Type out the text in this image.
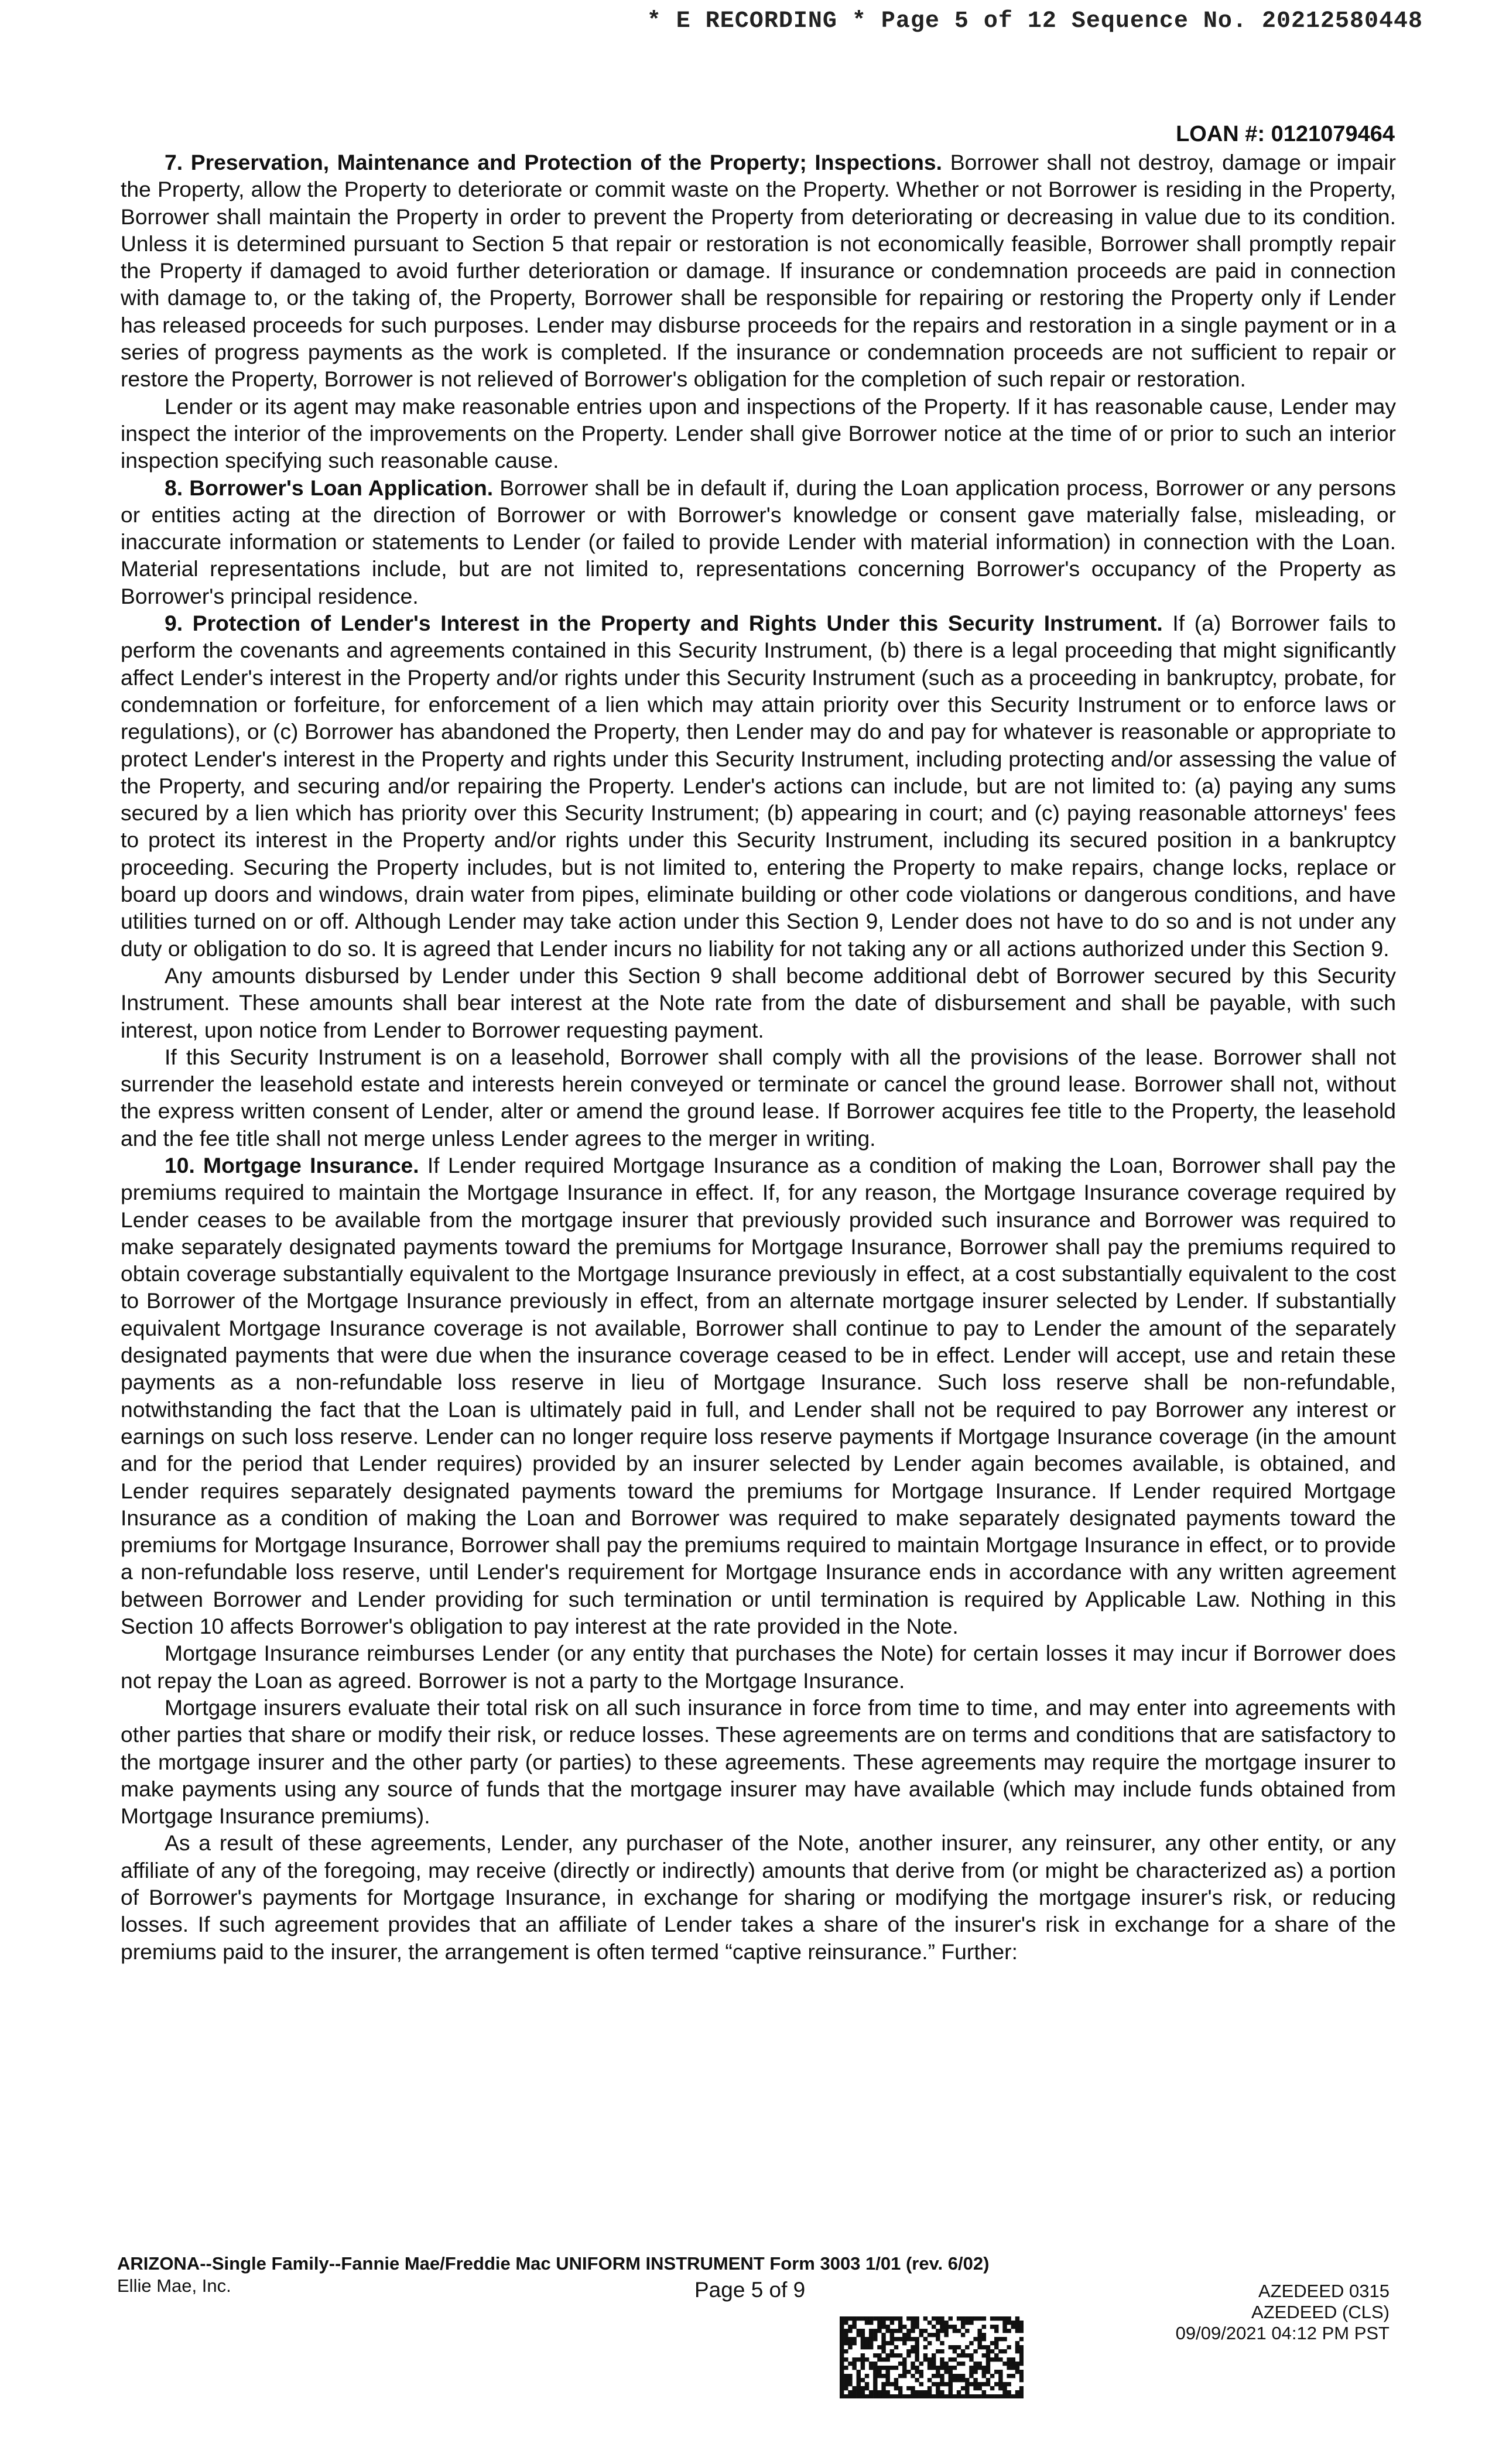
* E RECORDING * Page 5 of 12 Sequence No. 20212580448
LOAN #: 0121079464

7. Preservation, Maintenance and Protection of the Property; Inspections. Borrower shall not destroy, damage or impair the Property, allow the Property to deteriorate or commit waste on the Property. Whether or not Borrower is residing in the Property, Borrower shall maintain the Property in order to prevent the Property from deteriorating or decreasing in value due to its condition. Unless it is determined pursuant to Section 5 that repair or restoration is not economically feasible, Borrower shall promptly repair the Property if damaged to avoid further deterioration or damage. If insurance or condemnation proceeds are paid in connection with damage to, or the taking of, the Property, Borrower shall be responsible for repairing or restoring the Property only if Lender has released proceeds for such purposes. Lender may disburse proceeds for the repairs and restoration in a single payment or in a series of progress payments as the work is completed. If the insurance or condemnation proceeds are not sufficient to repair or restore the Property, Borrower is not relieved of Borrower's obligation for the completion of such repair or restoration.

Lender or its agent may make reasonable entries upon and inspections of the Property. If it has reasonable cause, Lender may inspect the interior of the improvements on the Property. Lender shall give Borrower notice at the time of or prior to such an interior inspection specifying such reasonable cause.

8. Borrower's Loan Application. Borrower shall be in default if, during the Loan application process, Borrower or any persons or entities acting at the direction of Borrower or with Borrower's knowledge or consent gave materially false, misleading, or inaccurate information or statements to Lender (or failed to provide Lender with material information) in connection with the Loan. Material representations include, but are not limited to, representations concerning Borrower's occupancy of the Property as Borrower's principal residence.

9. Protection of Lender's Interest in the Property and Rights Under this Security Instrument. If (a) Borrower fails to perform the covenants and agreements contained in this Security Instrument, (b) there is a legal proceeding that might significantly affect Lender's interest in the Property and/or rights under this Security Instrument (such as a proceeding in bankruptcy, probate, for condemnation or forfeiture, for enforcement of a lien which may attain priority over this Security Instrument or to enforce laws or regulations), or (c) Borrower has abandoned the Property, then Lender may do and pay for whatever is reasonable or appropriate to protect Lender's interest in the Property and rights under this Security Instrument, including protecting and/or assessing the value of the Property, and securing and/or repairing the Property. Lender's actions can include, but are not limited to: (a) paying any sums secured by a lien which has priority over this Security Instrument; (b) appearing in court; and (c) paying reasonable attorneys' fees to protect its interest in the Property and/or rights under this Security Instrument, including its secured position in a bankruptcy proceeding. Securing the Property includes, but is not limited to, entering the Property to make repairs, change locks, replace or board up doors and windows, drain water from pipes, eliminate building or other code violations or dangerous conditions, and have utilities turned on or off. Although Lender may take action under this Section 9, Lender does not have to do so and is not under any duty or obligation to do so. It is agreed that Lender incurs no liability for not taking any or all actions authorized under this Section 9.

Any amounts disbursed by Lender under this Section 9 shall become additional debt of Borrower secured by this Security Instrument. These amounts shall bear interest at the Note rate from the date of disbursement and shall be payable, with such interest, upon notice from Lender to Borrower requesting payment.

If this Security Instrument is on a leasehold, Borrower shall comply with all the provisions of the lease. Borrower shall not surrender the leasehold estate and interests herein conveyed or terminate or cancel the ground lease. Borrower shall not, without the express written consent of Lender, alter or amend the ground lease. If Borrower acquires fee title to the Property, the leasehold and the fee title shall not merge unless Lender agrees to the merger in writing.

10. Mortgage Insurance. If Lender required Mortgage Insurance as a condition of making the Loan, Borrower shall pay the premiums required to maintain the Mortgage Insurance in effect. If, for any reason, the Mortgage Insurance coverage required by Lender ceases to be available from the mortgage insurer that previously provided such insurance and Borrower was required to make separately designated payments toward the premiums for Mortgage Insurance, Borrower shall pay the premiums required to obtain coverage substantially equivalent to the Mortgage Insurance previously in effect, at a cost substantially equivalent to the cost to Borrower of the Mortgage Insurance previously in effect, from an alternate mortgage insurer selected by Lender. If substantially equivalent Mortgage Insurance coverage is not available, Borrower shall continue to pay to Lender the amount of the separately designated payments that were due when the insurance coverage ceased to be in effect. Lender will accept, use and retain these payments as a non-refundable loss reserve in lieu of Mortgage Insurance. Such loss reserve shall be non-refundable, notwithstanding the fact that the Loan is ultimately paid in full, and Lender shall not be required to pay Borrower any interest or earnings on such loss reserve. Lender can no longer require loss reserve payments if Mortgage Insurance coverage (in the amount and for the period that Lender requires) provided by an insurer selected by Lender again becomes available, is obtained, and Lender requires separately designated payments toward the premiums for Mortgage Insurance. If Lender required Mortgage Insurance as a condition of making the Loan and Borrower was required to make separately designated payments toward the premiums for Mortgage Insurance, Borrower shall pay the premiums required to maintain Mortgage Insurance in effect, or to provide a non-refundable loss reserve, until Lender's requirement for Mortgage Insurance ends in accordance with any written agreement between Borrower and Lender providing for such termination or until termination is required by Applicable Law. Nothing in this Section 10 affects Borrower's obligation to pay interest at the rate provided in the Note.

Mortgage Insurance reimburses Lender (or any entity that purchases the Note) for certain losses it may incur if Borrower does not repay the Loan as agreed. Borrower is not a party to the Mortgage Insurance.

Mortgage insurers evaluate their total risk on all such insurance in force from time to time, and may enter into agreements with other parties that share or modify their risk, or reduce losses. These agreements are on terms and conditions that are satisfactory to the mortgage insurer and the other party (or parties) to these agreements. These agreements may require the mortgage insurer to make payments using any source of funds that the mortgage insurer may have available (which may include funds obtained from Mortgage Insurance premiums).

As a result of these agreements, Lender, any purchaser of the Note, another insurer, any reinsurer, any other entity, or any affiliate of any of the foregoing, may receive (directly or indirectly) amounts that derive from (or might be characterized as) a portion of Borrower's payments for Mortgage Insurance, in exchange for sharing or modifying the mortgage insurer's risk, or reducing losses. If such agreement provides that an affiliate of Lender takes a share of the insurer's risk in exchange for a share of the premiums paid to the insurer, the arrangement is often termed “captive reinsurance.” Further:

ARIZONA--Single Family--Fannie Mae/Freddie Mac UNIFORM INSTRUMENT Form 3003 1/01 (rev. 6/02)
Ellie Mae, Inc.	Page 5 of 9	AZEDEED 0315
AZEDEED (CLS)
09/09/2021 04:12 PM PST
